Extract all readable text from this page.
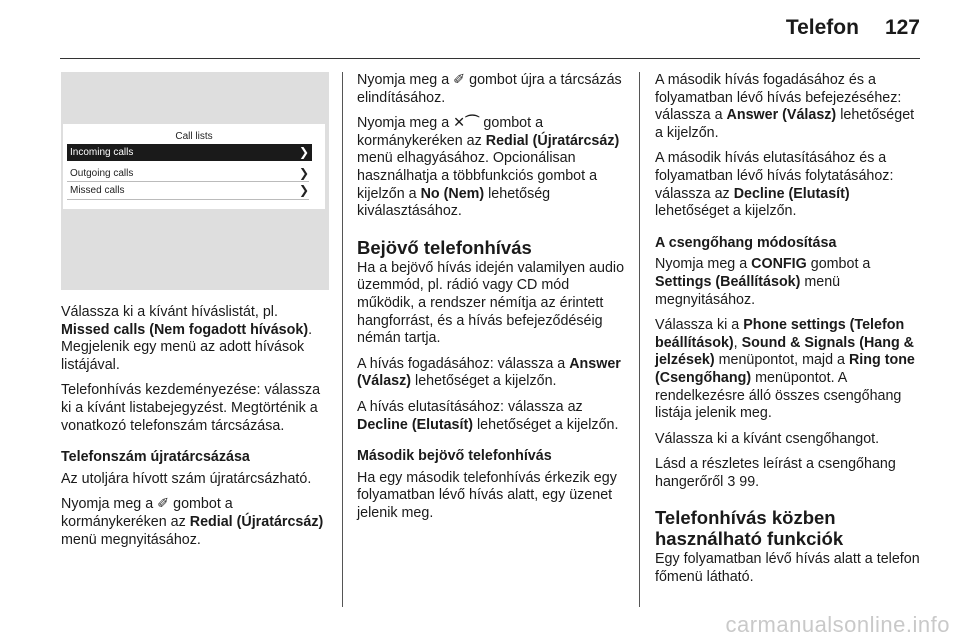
Telefon 127
Call lists
Incoming calls	❯
Outgoing calls	❯
Missed calls	❯

Válassza ki a kívánt híváslistát, pl. Missed calls (Nem fogadott hívások). Megjelenik egy menü az adott hívások listájával.

Telefonhívás kezdeményezése: válassza ki a kívánt listabejegyzést. Megtörténik a vonatkozó telefonszám tárcsázása.

Telefonszám újratárcsázása

Az utoljára hívott szám újratárcsázható.

Nyomja meg a ✐ gombot a kormánykeréken az Redial (Újratárcsáz) menü megnyitásához.

Nyomja meg a ✐ gombot újra a tárcsázás elindításához.

Nyomja meg a ✕⌒ gombot a kormánykeréken az Redial (Újratárcsáz) menü elhagyásához. Opcionálisan használhatja a többfunkciós gombot a kijelzőn a No (Nem) lehetőség kiválasztásához.

Bejövő telefonhívás

Ha a bejövő hívás idején valamilyen audio üzemmód, pl. rádió vagy CD mód működik, a rendszer némítja az érintett hangforrást, és a hívás befejeződéséig némán tartja.

A hívás fogadásához: válassza a Answer (Válasz) lehetőséget a kijelzőn.

A hívás elutasításához: válassza az Decline (Elutasít) lehetőséget a kijelzőn.

Második bejövő telefonhívás

Ha egy második telefonhívás érkezik egy folyamatban lévő hívás alatt, egy üzenet jelenik meg.

A második hívás fogadásához és a folyamatban lévő hívás befejezéséhez: válassza a Answer (Válasz) lehetőséget a kijelzőn.

A második hívás elutasításához és a folyamatban lévő hívás folytatásához: válassza az Decline (Elutasít) lehetőséget a kijelzőn.

A csengőhang módosítása

Nyomja meg a CONFIG gombot a Settings (Beállítások) menü megnyitásához.

Válassza ki a Phone settings (Telefon beállítások), Sound & Signals (Hang & jelzések) menüpontot, majd a Ring tone (Csengőhang) menüpontot. A rendelkezésre álló összes csengőhang listája jelenik meg.

Válassza ki a kívánt csengőhangot.

Lásd a részletes leírást a csengőhang hangerőről 3 99.

Telefonhívás közben használható funkciók

Egy folyamatban lévő hívás alatt a telefon főmenü látható.

carmanualsonline.info
